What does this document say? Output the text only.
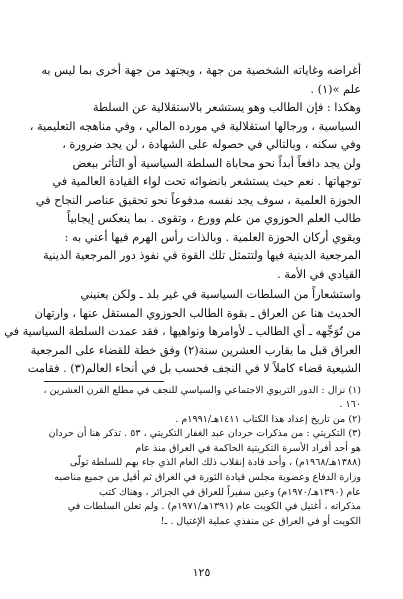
أغراضه وغاياته الشخصية من جهة ، ويجتهد من جهة أخرى بما ليس به
علم »(١) .
وهكذا : فإن الطالب وهو يستشعر بالاستقلالية عن السلطة
السياسية ، ورجالها استقلالية في مورده المالي ، وفي مناهجه التعليمية ،
وفي سكنه ، وبالتالي في حصوله على الشهادة ، لن يجد ضرورة ،
ولن يجد دافعاً أبداً نحو محاباة السلطة السياسية أو التأثر ببعض
توجهاتها . نعم حيث يستشعر بانضوائه تحت لواء القيادة العالمية في
الحوزة العلمية ، سوف يجد نفسه مدفوعاً نحو تحقيق عناصر النجاح في
طالب العلم الحوزوي من علم وورع ، وتقوى . بما ينعكس إيجابياً
ويقوي أركان الحوزة العلمية . وبالذات رأس الهرم فيها أعني به :
المرجعية الدينية فيها ولتتمثل تلك القوة في نفوذ دور المرجعية الدينية
القيادي في الأمة .
واستشعاراً من السلطات السياسية في غير بلد ـ ولكن يعنيني
الحديث هنا عن العراق ـ بقوة الطالب الحوزوي المستقل عنها ، وارتهان
من تُوَجِّهه ـ أي الطالب ـ لأوامرها ونواهيها ، فقد عمدت السلطة السياسية في
العراق قبل ما يقارب العشرين سنة(٢) وفق خطة للقضاء على المرجعية
الشيعية قضاء كاملاً لا في النجف فحسب بل في أنحاء العالم(٣) . فقامت
(١) نزال : الدور التربوي الاجتماعي والسياسي للنجف في مطلع القرن العشرين ،
١٦٠ .
(٢) من تاريخ إعداد هذا الكتاب ١٤١١هـ/١٩٩١م .
(٣) التكريتي : من مذكرات حردان عبد الغفار التكريتي ، ٥٣ . تذكر هنا أن حردان
هو أحد أفراد الأسرة التكريتية الحاكمة في العراق منذ عام
(١٣٨٨هـ/١٩٦٨م) ، وأحد قادة إنقلاب ذلك العام الذي جاء بهم للسلطة تولّى
وزارة الدفاع وعضوية مجلس قيادة الثورة في العراق ثم أقيل من جميع مناصبه
عام (١٣٩٠هـ/١٩٧٠م) وعين سفيراً للعراق في الجزائر ، وهناك كتب
مذكراته ، أغتيل في الكويت عام (١٣٩١هـ/١٩٧١م) . ولم تعلن السلطات في
الكويت أو في العراق عن منفذي عملية الإغتيال . ـ!
١٢٥
